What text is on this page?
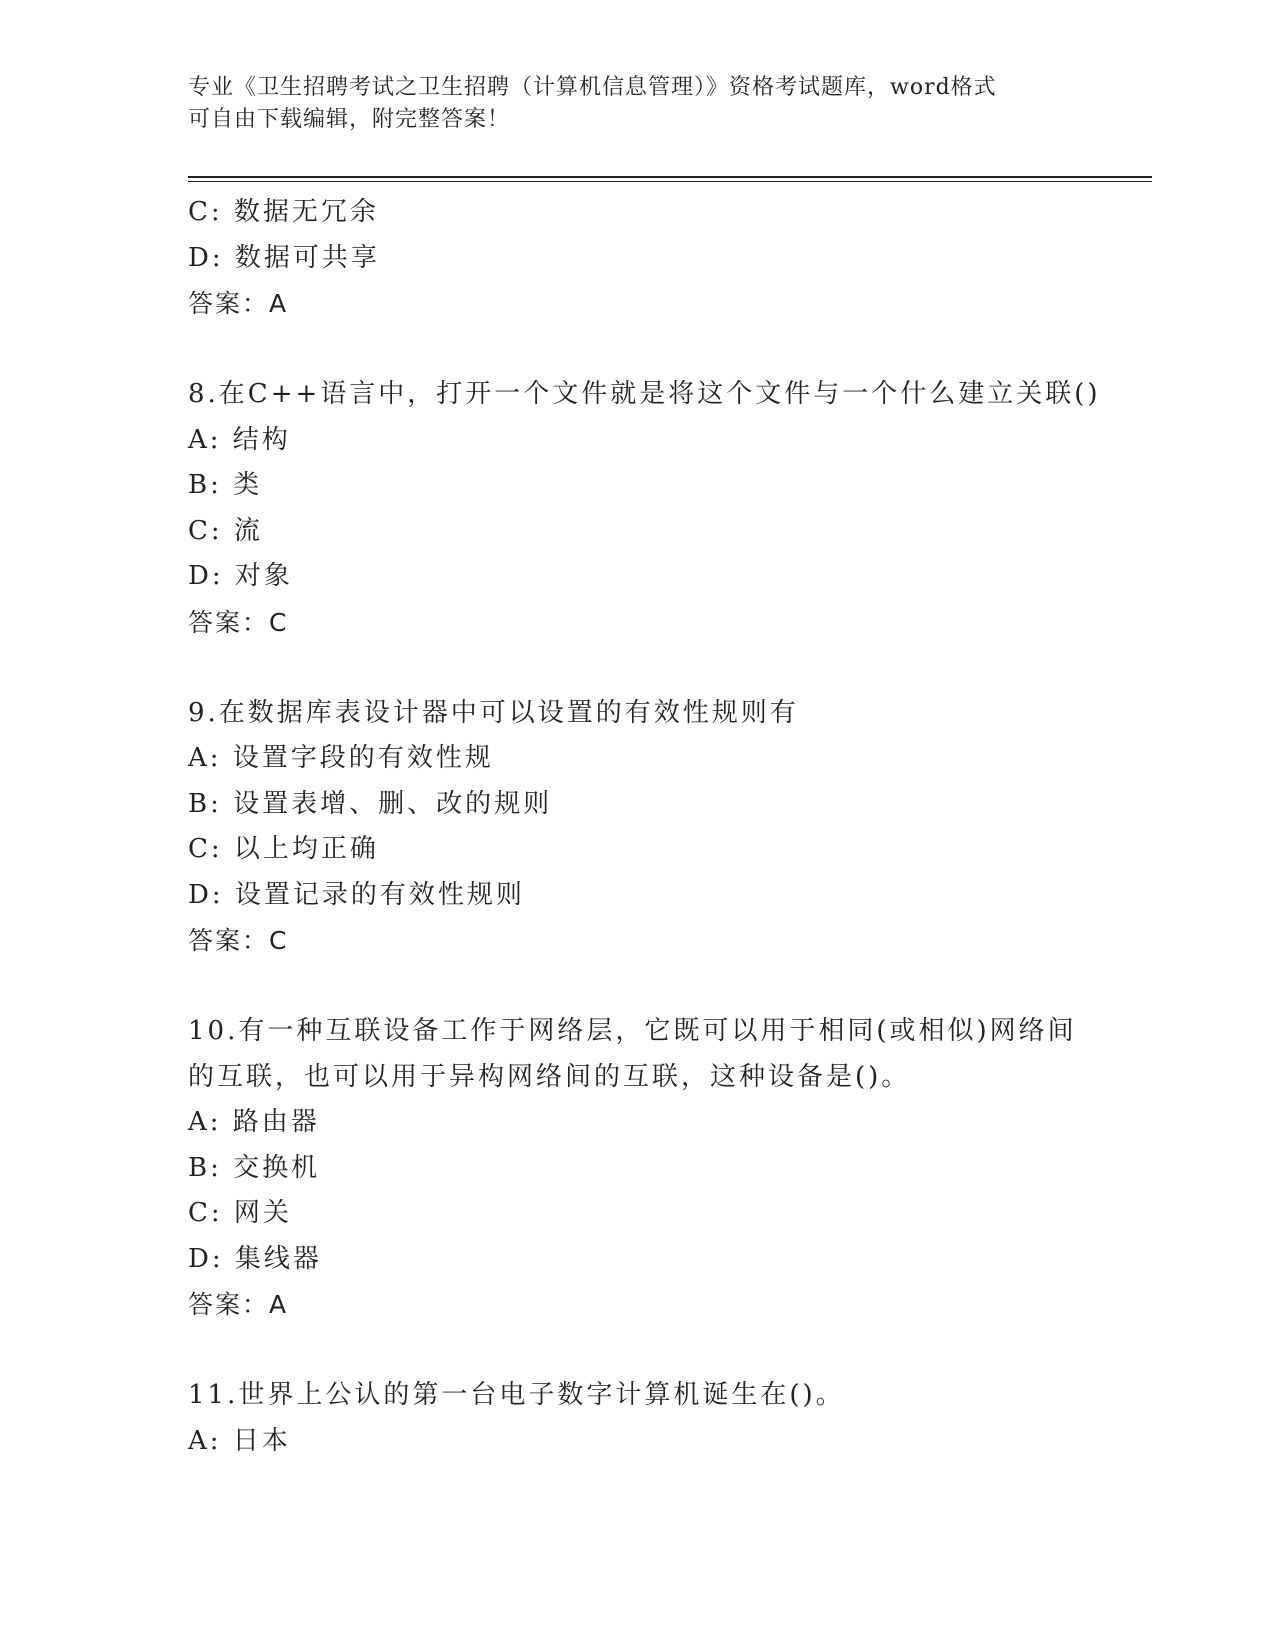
专业《卫生招聘考试之卫生招聘（计算机信息管理）》资格考试题库，word格式
可自由下载编辑，附完整答案！
C: 数据无冗余
D: 数据可共享
答案：A
8.在C++语言中，打开一个文件就是将这个文件与一个什么建立关联()
A: 结构
B: 类
C: 流
D: 对象
答案：C
9.在数据库表设计器中可以设置的有效性规则有
A: 设置字段的有效性规
B: 设置表增、删、改的规则
C: 以上均正确
D: 设置记录的有效性规则
答案：C
10.有一种互联设备工作于网络层，它既可以用于相同(或相似)网络间
的互联，也可以用于异构网络间的互联，这种设备是()。
A: 路由器
B: 交换机
C: 网关
D: 集线器
答案：A
11.世界上公认的第一台电子数字计算机诞生在()。
A: 日本
